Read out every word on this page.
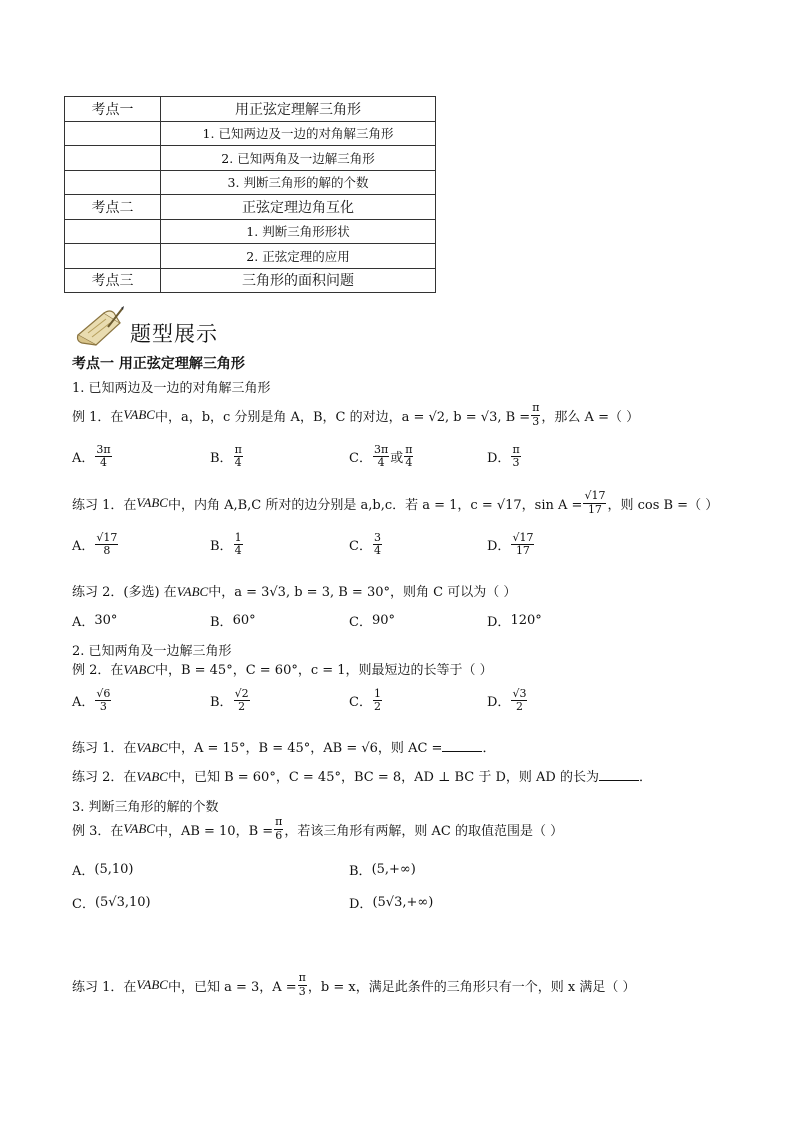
考点一	用正弦定理解三角形
	1. 已知两边及一边的对角解三角形
	2. 已知两角及一边解三角形
	3. 判断三角形的解的个数
考点二	正弦定理边角互化
	1. 判断三角形形状
	2. 正弦定理的应用
考点三	三角形的面积问题
题型展示
考点一 用正弦定理解三角形
1. 已知两边及一边的对角解三角形
例 1．在 VABC 中，a，b，c 分别是角 A，B，C 的对边，a = √2, b = √3, $B = \frac{\pi}{3}$ ，那么 A =（ ）
A． $\frac{3\pi}{4}$	B． $\frac{\pi}{4}$	C． $\frac{3\pi}{4}$ 或 $\frac{\pi}{4}$	D． $\frac{\pi}{3}$
练习 1．在 VABC 中，内角 A,B,C 所对的边分别是 a,b,c．若 a = 1，c = √17，$\sin A = \frac{√17}{17}$ ，则 cos B =（ ）
A． $\frac{√17}{8}$	B． $\frac{1}{4}$	C． $\frac{3}{4}$	D． $\frac{√17}{17}$
练习 2．(多选) 在VABC中，a = 3√3, b = 3, B = 30°，则角 C 可以为（ ）
A． 30°	B． 60°	C． 90°	D． 120°
2. 已知两角及一边解三角形
例 2．在VABC中，B = 45°，C = 60°，c = 1，则最短边的长等于（ ）
A． $\frac{√6}{3}$	B． $\frac{√2}{2}$	C． $\frac{1}{2}$	D． $\frac{√3}{2}$
练习 1．在VABC中，A = 15°，B = 45°，AB = √6，则 AC =	．
练习 2．在VABC中，已知 B = 60°，C = 45°，BC = 8，AD ⊥ BC 于 D，则 AD 的长为	．
3. 判断三角形的解的个数
例 3．在 VABC 中，AB = 10，$B = \frac{\pi}{6}$ ，若该三角形有两解，则 AC 的取值范围是（ ）
A． (5,10)	B． (5,+∞)
C． (5√3,10)	D． (5√3,+∞)
练习 1．在 VABC 中，已知 a = 3，$A = \frac{\pi}{3}$ ，b = x，满足此条件的三角形只有一个，则 x 满足（ ）
